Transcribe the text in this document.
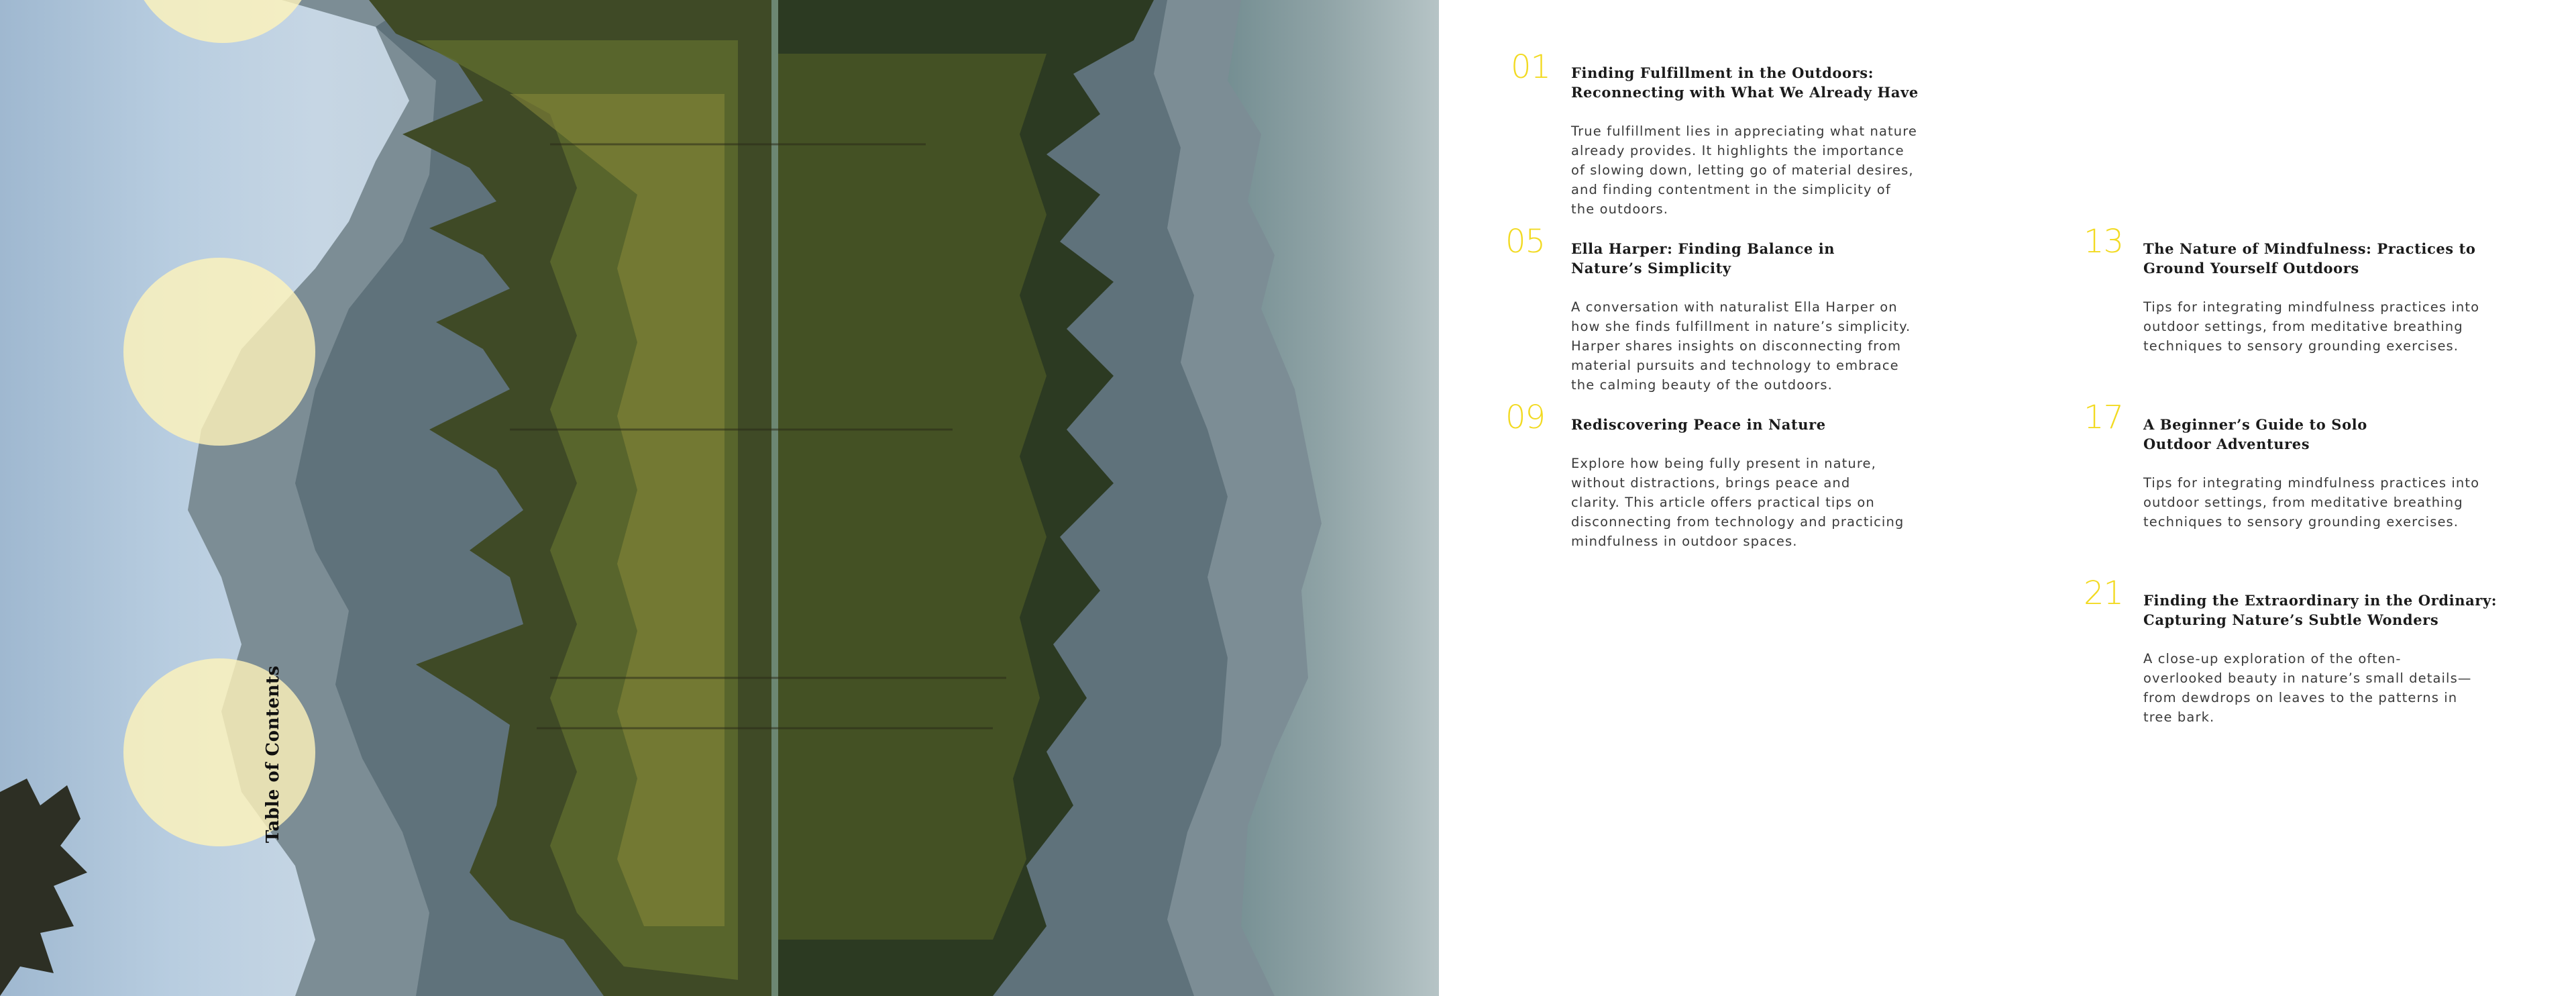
Table of Contents
01 Finding Fulfillment in the Outdoors:
Reconnecting with What We Already Have
True fulfillment lies in appreciating what nature
already provides. It highlights the importance
of slowing down, letting go of material desires,
and finding contentment in the simplicity of
the outdoors.
05 Ella Harper: Finding Balance in
Nature’s Simplicity
A conversation with naturalist Ella Harper on
how she finds fulfillment in nature’s simplicity.
Harper shares insights on disconnecting from
material pursuits and technology to embrace
the calming beauty of the outdoors.
09 Rediscovering Peace in Nature
Explore how being fully present in nature,
without distractions, brings peace and
clarity. This article offers practical tips on
disconnecting from technology and practicing
mindfulness in outdoor spaces.
13 The Nature of Mindfulness: Practices to
Ground Yourself Outdoors
Tips for integrating mindfulness practices into
outdoor settings, from meditative breathing
techniques to sensory grounding exercises.
17 A Beginner’s Guide to Solo
Outdoor Adventures
Tips for integrating mindfulness practices into
outdoor settings, from meditative breathing
techniques to sensory grounding exercises.
21 Finding the Extraordinary in the Ordinary:
Capturing Nature’s Subtle Wonders
A close-up exploration of the often-
overlooked beauty in nature’s small details—
from dewdrops on leaves to the patterns in
tree bark.
